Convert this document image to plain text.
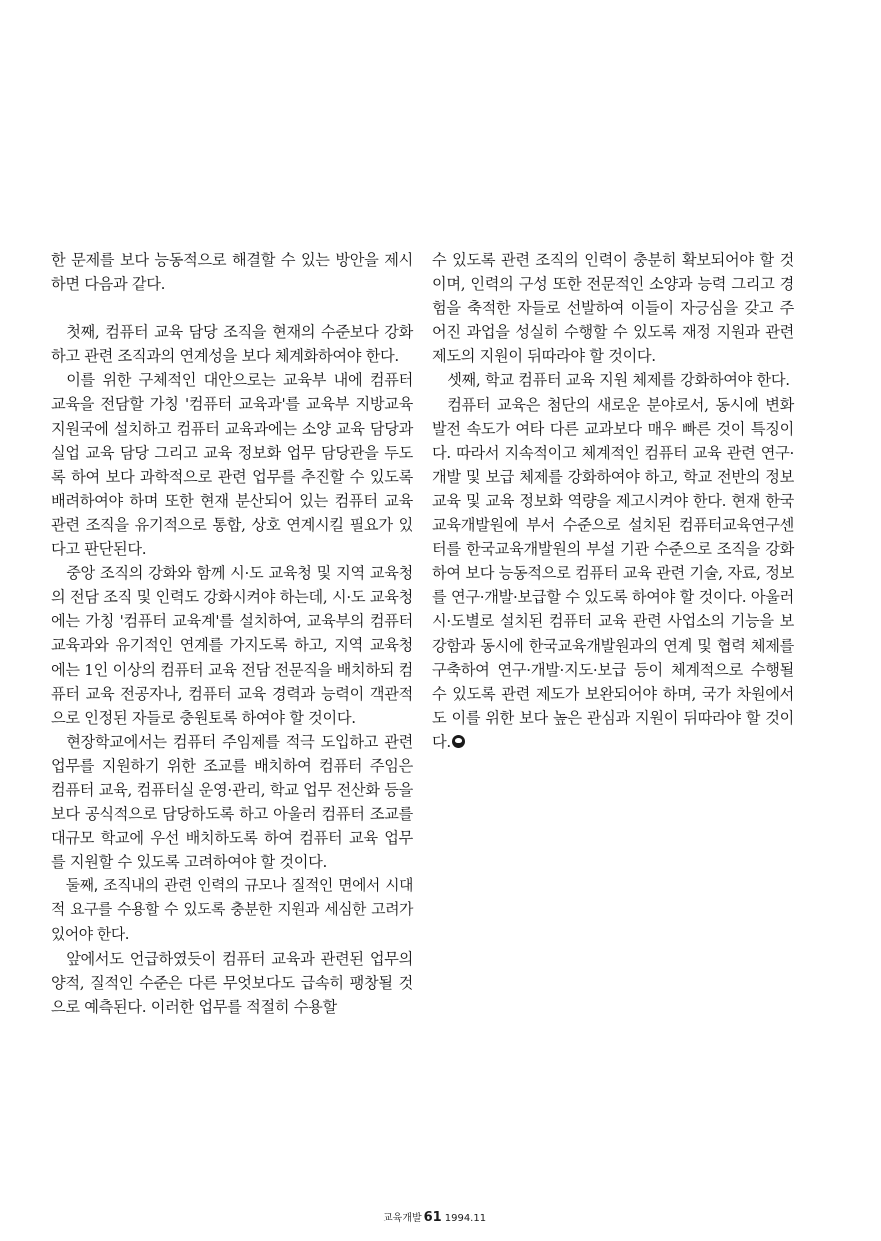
한 문제를 보다 능동적으로 해결할 수 있는 방안을 제시하면 다음과 같다.

첫째, 컴퓨터 교육 담당 조직을 현재의 수준보다 강화하고 관련 조직과의 연계성을 보다 체계화하여야 한다.

이를 위한 구체적인 대안으로는 교육부 내에 컴퓨터 교육을 전담할 가칭 '컴퓨터 교육과'를 교육부 지방교육지원국에 설치하고 컴퓨터 교육과에는 소양 교육 담당과 실업 교육 담당 그리고 교육 정보화 업무 담당관을 두도록 하여 보다 과학적으로 관련 업무를 추진할 수 있도록 배려하여야 하며 또한 현재 분산되어 있는 컴퓨터 교육 관련 조직을 유기적으로 통합, 상호 연계시킬 필요가 있다고 판단된다.

중앙 조직의 강화와 함께 시·도 교육청 및 지역 교육청의 전담 조직 및 인력도 강화시켜야 하는데, 시·도 교육청에는 가칭 '컴퓨터 교육계'를 설치하여, 교육부의 컴퓨터 교육과와 유기적인 연계를 가지도록 하고, 지역 교육청에는 1인 이상의 컴퓨터 교육 전담 전문직을 배치하되 컴퓨터 교육 전공자나, 컴퓨터 교육 경력과 능력이 객관적으로 인정된 자들로 충원토록 하여야 할 것이다.

현장학교에서는 컴퓨터 주임제를 적극 도입하고 관련 업무를 지원하기 위한 조교를 배치하여 컴퓨터 주임은 컴퓨터 교육, 컴퓨터실 운영·관리, 학교 업무 전산화 등을 보다 공식적으로 담당하도록 하고 아울러 컴퓨터 조교를 대규모 학교에 우선 배치하도록 하여 컴퓨터 교육 업무를 지원할 수 있도록 고려하여야 할 것이다.

둘째, 조직내의 관련 인력의 규모나 질적인 면에서 시대적 요구를 수용할 수 있도록 충분한 지원과 세심한 고려가 있어야 한다.

앞에서도 언급하였듯이 컴퓨터 교육과 관련된 업무의 양적, 질적인 수준은 다른 무엇보다도 급속히 팽창될 것으로 예측된다. 이러한 업무를 적절히 수용할

수 있도록 관련 조직의 인력이 충분히 확보되어야 할 것이며, 인력의 구성 또한 전문적인 소양과 능력 그리고 경험을 축적한 자들로 선발하여 이들이 자긍심을 갖고 주어진 과업을 성실히 수행할 수 있도록 재정 지원과 관련 제도의 지원이 뒤따라야 할 것이다.

셋째, 학교 컴퓨터 교육 지원 체제를 강화하여야 한다.

컴퓨터 교육은 첨단의 새로운 분야로서, 동시에 변화 발전 속도가 여타 다른 교과보다 매우 빠른 것이 특징이다. 따라서 지속적이고 체계적인 컴퓨터 교육 관련 연구·개발 및 보급 체제를 강화하여야 하고, 학교 전반의 정보 교육 및 교육 정보화 역량을 제고시켜야 한다. 현재 한국교육개발원에 부서 수준으로 설치된 컴퓨터교육연구센터를 한국교육개발원의 부설 기관 수준으로 조직을 강화하여 보다 능동적으로 컴퓨터 교육 관련 기술, 자료, 정보를 연구·개발·보급할 수 있도록 하여야 할 것이다. 아울러 시·도별로 설치된 컴퓨터 교육 관련 사업소의 기능을 보강함과 동시에 한국교육개발원과의 연계 및 협력 체제를 구축하여 연구·개발·지도·보급 등이 체계적으로 수행될 수 있도록 관련 제도가 보완되어야 하며, 국가 차원에서도 이를 위한 보다 높은 관심과 지원이 뒤따라야 할 것이다.

교육개발 61 1994.11
